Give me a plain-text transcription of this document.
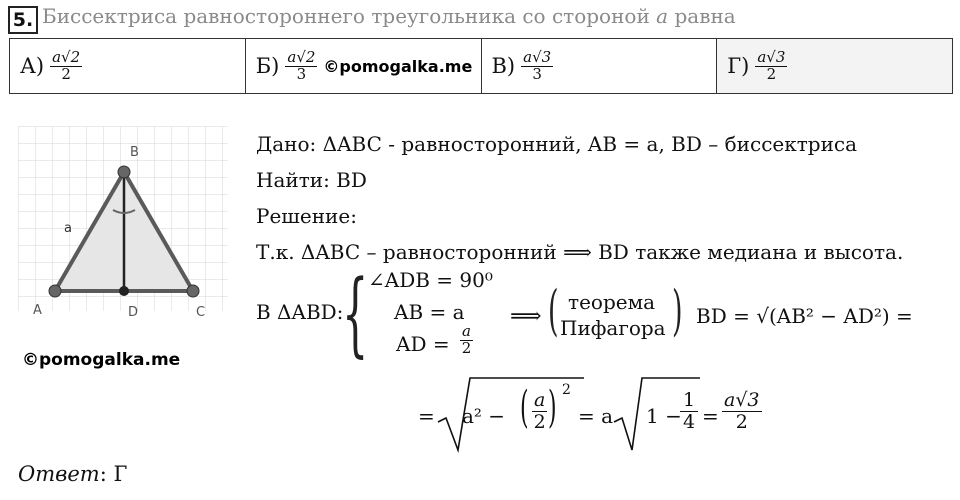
5. Биссектриса равностороннего треугольника со стороной a равна
$А) \frac{a√2}{2}$	$Б) \frac{a√2}{3}$ ©pomogalka.me $В) \frac{a√3}{3}$	$Г) \frac{a√3}{2}$
A
B
C
D
a
©pomogalka.me
Дано: ΔABC - равносторонний, AB = a, BD – биссектриса
Найти: BD
Решение:
Т.к. ΔABC – равносторонний ⟹ BD также медиана и высота.
В ΔABD:
{ ∠ADB = 90⁰
AB = a
AD = $\frac{a}{2}$
⟹ ( теорема
Пифагора ) BD = √(AB² − AD²) =
= a² − ( $\frac{a}{2}$ ) 2
= a 1 −
$\frac{1}{4} = \frac{a√3}{2}$
Ответ: Г
